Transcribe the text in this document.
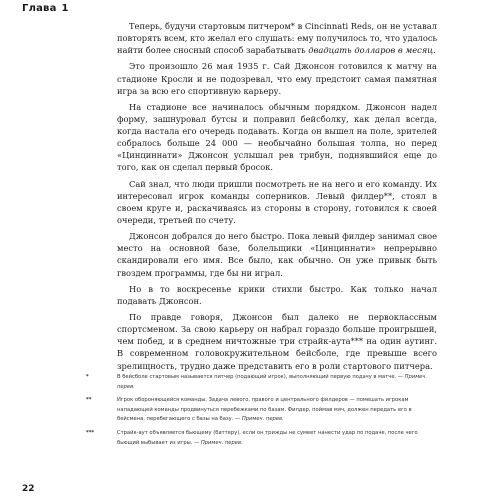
Глава 1

Теперь, будучи стартовым питчером* в Cincinnati Reds, он не уставал повторять всем, кто желал его слушать: ему получилось то, что удалось найти более сносный способ зарабатывать двадцать долларов в месяц.

Это произошло 26 мая 1935 г. Сай Джонсон готовился к матчу на стадионе Кросли и не подозревал, что ему предстоит самая памятная игра за всю его спортивную карьеру.

На стадионе все начиналось обычным порядком. Джонсон надел форму, зашнуровал бутсы и поправил бейсболку, как делал всегда, когда настала его очередь подавать. Когда он вышел на поле, зрителей собралось больше 24 000 — необычайно большая толпа, но перед «Цинциннати» Джонсон услышал рев трибун, поднявшийся еще до того, как он сделал первый бросок.

Сай знал, что люди пришли посмотреть не на него и его команду. Их интересовал игрок команды соперников. Левый филдер**, стоял в своем круге и, раскачиваясь из стороны в сторону, готовился к своей очереди, третьей по счету.

Джонсон добрался до него быстро. Пока левый филдер занимал свое место на основной базе, болельщики «Цинциннати» непрерывно скандировали его имя. Все было, как обычно. Он уже привык быть гвоздем программы, где бы ни играл.

Но в то воскресенье крики стихли быстро. Как только начал подавать Джонсон.

По правде говоря, Джонсон был далеко не первоклассным спортсменом. За свою карьеру он набрал гораздо больше проигрышей, чем побед, и в среднем ничтожные три страйк-аута*** на один аутинг. В современном головокружительном бейсболе, где превыше всего зрелищность, трудно даже представить его в роли стартового питчера.

*	В бейсболе стартовым называется питчер (подающий игрок), выполняющий первую подачу в матче. — Примеч. перев.
**	Игрок обороняющейся команды. Задача левого, правого и центрального филдеров — помешать игрокам нападающей команды продвинуться перебежками по базам. Филдер, поймав мяч, должен передать его в бейсмена, перебегающего с базы на базу. — Примеч. перев.
***	Страйк-аут объявляется бьющему (баттеру), если он трижды не сумеет нанести удар по подаче, после чего бьющий выбывает из игры. — Примеч. перев.
22
